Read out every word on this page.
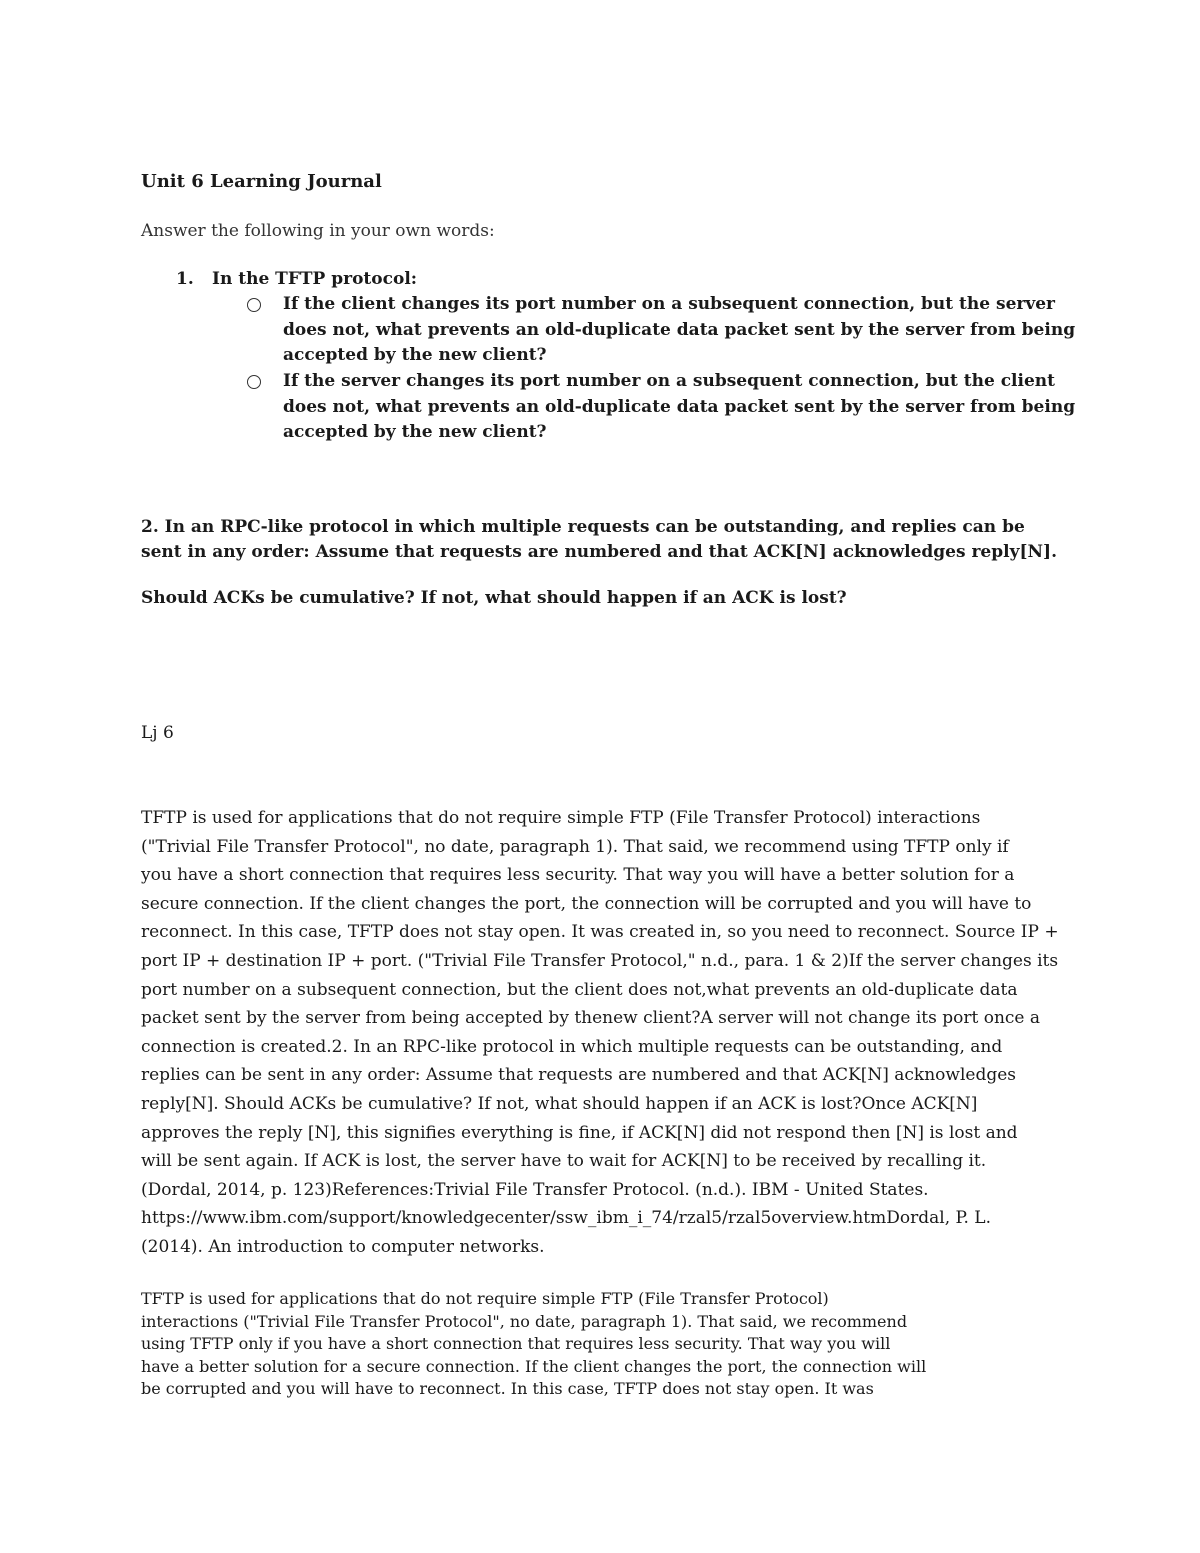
Unit 6 Learning Journal

Answer the following in your own words:

1. In the TFTP protocol:

If the client changes its port number on a subsequent connection, but the server does not, what prevents an old-duplicate data packet sent by the server from being accepted by the new client?
If the server changes its port number on a subsequent connection, but the client does not, what prevents an old-duplicate data packet sent by the server from being accepted by the new client?

2. In an RPC-like protocol in which multiple requests can be outstanding, and replies can be sent in any order: Assume that requests are numbered and that ACK[N] acknowledges reply[N].

Should ACKs be cumulative? If not, what should happen if an ACK is lost?

Lj 6

TFTP is used for applications that do not require simple FTP (File Transfer Protocol) interactions
("Trivial File Transfer Protocol", no date, paragraph 1). That said, we recommend using TFTP only if
you have a short connection that requires less security. That way you will have a better solution for a
secure connection. If the client changes the port, the connection will be corrupted and you will have to
reconnect. In this case, TFTP does not stay open. It was created in, so you need to reconnect. Source IP +
port IP + destination IP + port. ("Trivial File Transfer Protocol," n.d., para. 1 & 2)If the server changes its
port number on a subsequent connection, but the client does not,what prevents an old-duplicate data
packet sent by the server from being accepted by thenew client?A server will not change its port once a
connection is created.2. In an RPC-like protocol in which multiple requests can be outstanding, and
replies can be sent in any order: Assume that requests are numbered and that ACK[N] acknowledges
reply[N]. Should ACKs be cumulative? If not, what should happen if an ACK is lost?Once ACK[N]
approves the reply [N], this signifies everything is fine, if ACK[N] did not respond then [N] is lost and
will be sent again. If ACK is lost, the server have to wait for ACK[N] to be received by recalling it.
(Dordal, 2014, p. 123)References:Trivial File Transfer Protocol. (n.d.). IBM - United States.
https://www.ibm.com/support/knowledgecenter/ssw_ibm_i_74/rzal5/rzal5overview.htmDordal, P. L.
(2014). An introduction to computer networks.
TFTP is used for applications that do not require simple FTP (File Transfer Protocol)
interactions ("Trivial File Transfer Protocol", no date, paragraph 1). That said, we recommend
using TFTP only if you have a short connection that requires less security. That way you will
have a better solution for a secure connection. If the client changes the port, the connection will
be corrupted and you will have to reconnect. In this case, TFTP does not stay open. It was
